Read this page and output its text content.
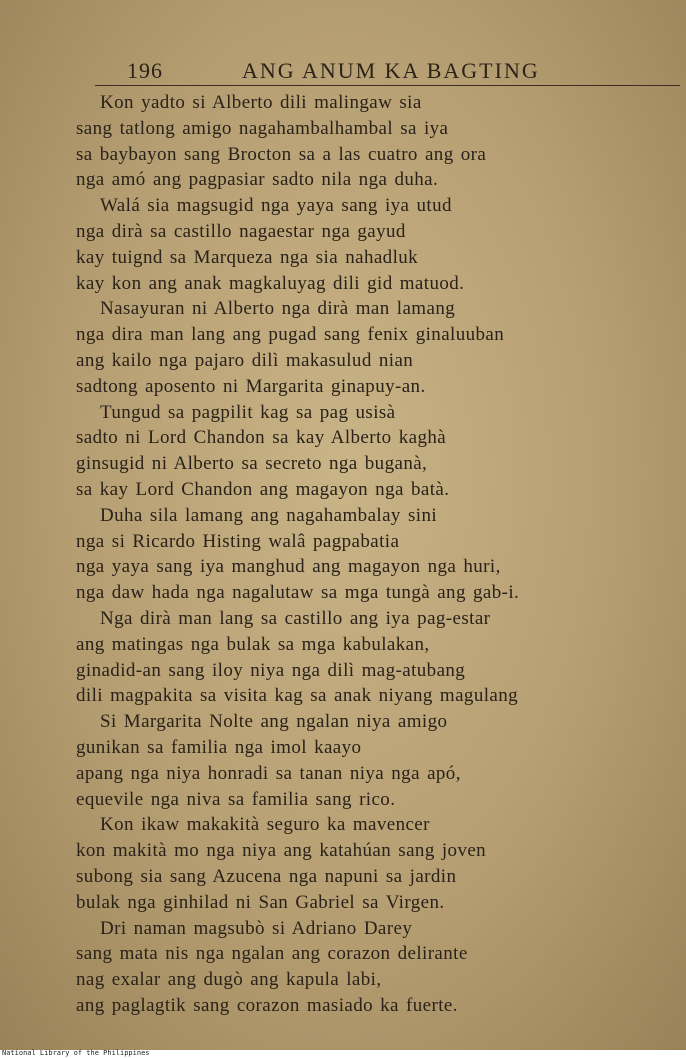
196	ANG ANUM KA BAGTING
Kon yadto si Alberto dili malingaw sia
sang tatlong amigo nagahambalhambal sa iya
sa baybayon sang Brocton sa a las cuatro ang ora
nga amó ang pagpasiar sadto nila nga duha.
Walá sia magsugid nga yaya sang iya utud
nga dirà sa castillo nagaestar nga gayud
kay tuignd sa Marqueza nga sia nahadluk
kay kon ang anak magkaluyag dili gid matuod.
Nasayuran ni Alberto nga dirà man lamang
nga dira man lang ang pugad sang fenix ginaluuban
ang kailo nga pajaro dilì makasulud nian
sadtong aposento ni Margarita ginapuy-an.
Tungud sa pagpilit kag sa pag usisà
sadto ni Lord Chandon sa kay Alberto kaghà
ginsugid ni Alberto sa secreto nga buganà,
sa kay Lord Chandon ang magayon nga batà.
Duha sila lamang ang nagahambalay sini
nga si Ricardo Histing walâ pagpabatia
nga yaya sang iya manghud ang magayon nga huri,
nga daw hada nga nagalutaw sa mga tungà ang gab-i.
Nga dirà man lang sa castillo ang iya pag-estar
ang matingas nga bulak sa mga kabulakan,
ginadid-an sang iloy niya nga dilì mag-atubang
dili magpakita sa visita kag sa anak niyang magulang
Si Margarita Nolte ang ngalan niya amigo
gunikan sa familia nga imol kaayo
apang nga niya honradi sa tanan niya nga apó,
equevile nga niva sa familia sang rico.
Kon ikaw makakità seguro ka mavencer
kon makità mo nga niya ang katahúan sang joven
subong sia sang Azucena nga napuni sa jardin
bulak nga ginhilad ni San Gabriel sa Virgen.
Dri naman magsubò si Adriano Darey
sang mata nis nga ngalan ang corazon delirante
nag exalar ang dugò ang kapula labi,
ang paglagtik sang corazon masiado ka fuerte.
National Library of the Philippines
